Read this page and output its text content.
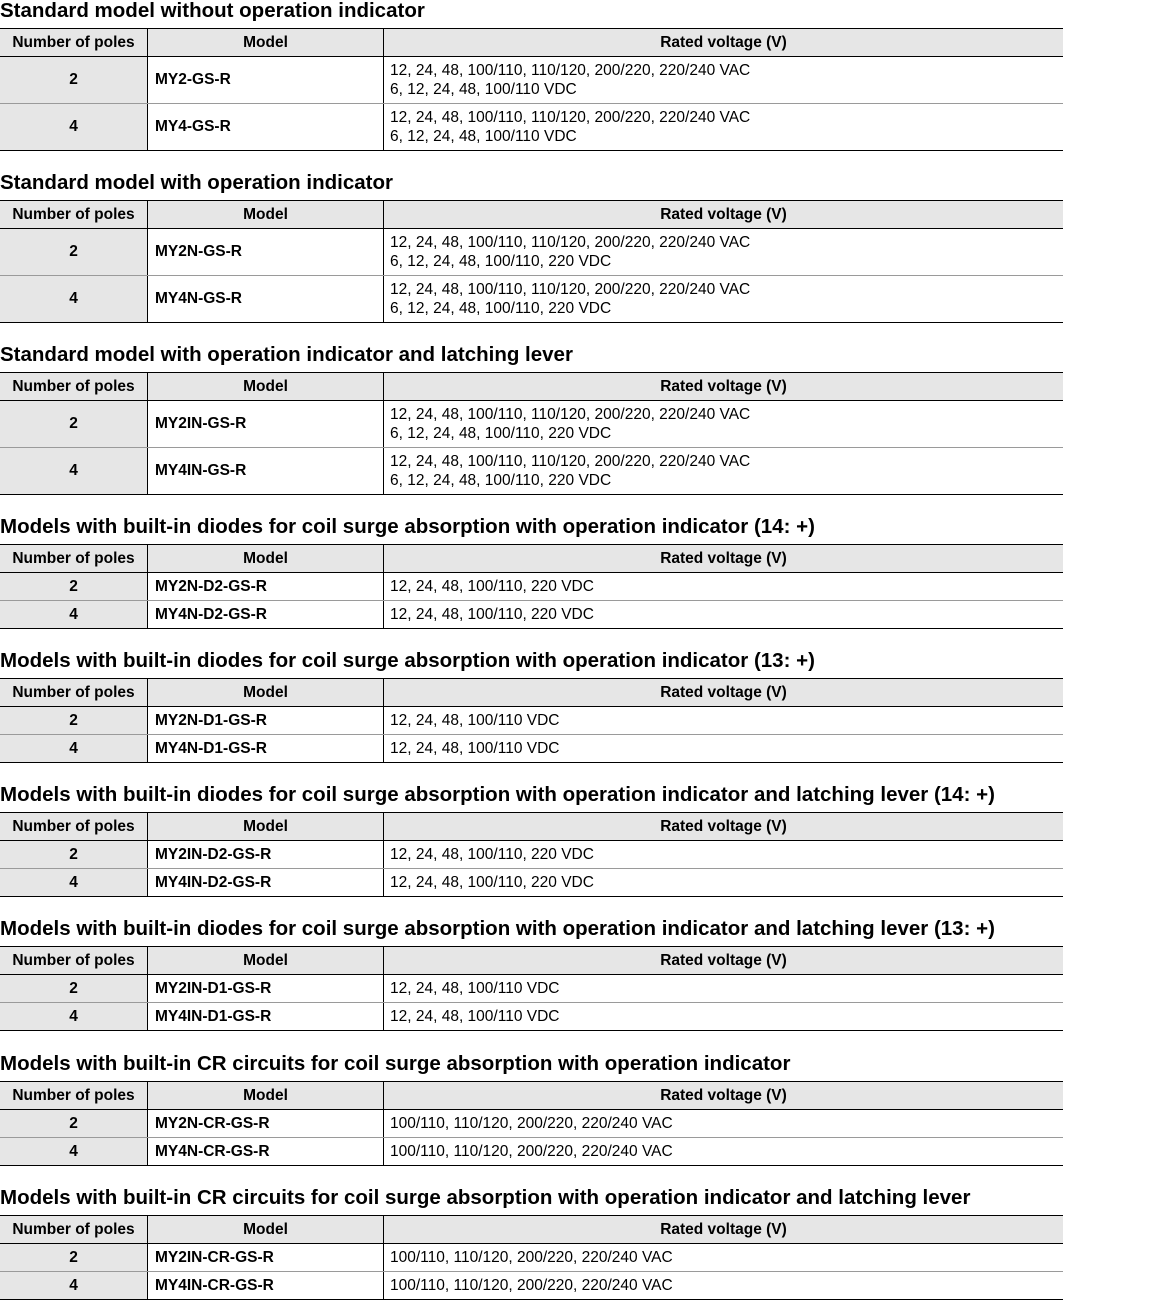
Standard model without operation indicator
Number of poles	Model	Rated voltage (V)
2	MY2-GS-R	12, 24, 48, 100/110, 110/120, 200/220, 220/240 VAC
6, 12, 24, 48, 100/110 VDC

4	MY4-GS-R	12, 24, 48, 100/110, 110/120, 200/220, 220/240 VAC
6, 12, 24, 48, 100/110 VDC
Standard model with operation indicator
Number of poles	Model	Rated voltage (V)
2	MY2N-GS-R	12, 24, 48, 100/110, 110/120, 200/220, 220/240 VAC
6, 12, 24, 48, 100/110, 220 VDC

4	MY4N-GS-R	12, 24, 48, 100/110, 110/120, 200/220, 220/240 VAC
6, 12, 24, 48, 100/110, 220 VDC
Standard model with operation indicator and latching lever
Number of poles	Model	Rated voltage (V)
2	MY2IN-GS-R	12, 24, 48, 100/110, 110/120, 200/220, 220/240 VAC
6, 12, 24, 48, 100/110, 220 VDC

4	MY4IN-GS-R	12, 24, 48, 100/110, 110/120, 200/220, 220/240 VAC
6, 12, 24, 48, 100/110, 220 VDC
Models with built-in diodes for coil surge absorption with operation indicator (14: +)
Number of poles	Model	Rated voltage (V)
2	MY2N-D2-GS-R	12, 24, 48, 100/110, 220 VDC

4	MY4N-D2-GS-R	12, 24, 48, 100/110, 220 VDC
Models with built-in diodes for coil surge absorption with operation indicator (13: +)
Number of poles	Model	Rated voltage (V)
2	MY2N-D1-GS-R	12, 24, 48, 100/110 VDC

4	MY4N-D1-GS-R	12, 24, 48, 100/110 VDC
Models with built-in diodes for coil surge absorption with operation indicator and latching lever (14: +)
Number of poles	Model	Rated voltage (V)
2	MY2IN-D2-GS-R	12, 24, 48, 100/110, 220 VDC

4	MY4IN-D2-GS-R	12, 24, 48, 100/110, 220 VDC
Models with built-in diodes for coil surge absorption with operation indicator and latching lever (13: +)
Number of poles	Model	Rated voltage (V)
2	MY2IN-D1-GS-R	12, 24, 48, 100/110 VDC

4	MY4IN-D1-GS-R	12, 24, 48, 100/110 VDC
Models with built-in CR circuits for coil surge absorption with operation indicator
Number of poles	Model	Rated voltage (V)
2	MY2N-CR-GS-R	100/110, 110/120, 200/220, 220/240 VAC

4	MY4N-CR-GS-R	100/110, 110/120, 200/220, 220/240 VAC
Models with built-in CR circuits for coil surge absorption with operation indicator and latching lever
Number of poles	Model	Rated voltage (V)
2	MY2IN-CR-GS-R	100/110, 110/120, 200/220, 220/240 VAC

4	MY4IN-CR-GS-R	100/110, 110/120, 200/220, 220/240 VAC
